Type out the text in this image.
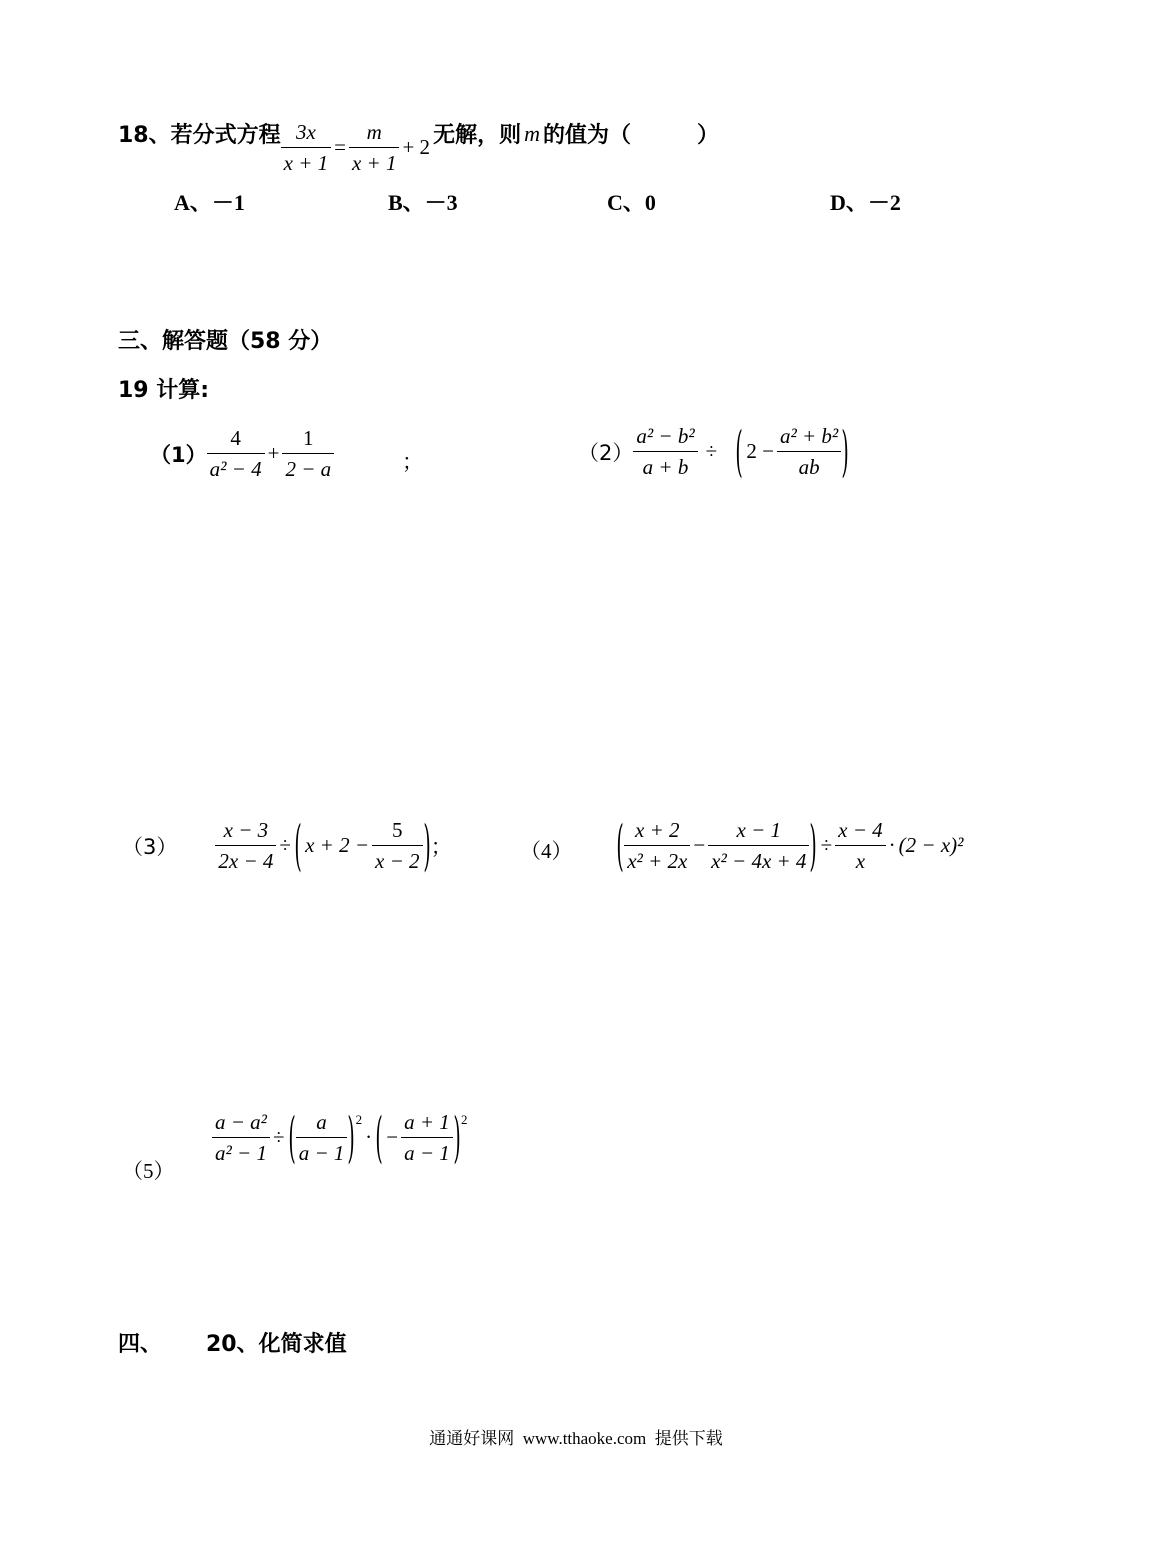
18、若分式方程 $\frac{3x}{x + 1} = \frac{m}{x + 1} + 2$ 无解，则 m 的值为（　　　）
A、－1	B、－3	C、0	D、－2
三、解答题（58 分）
19 计算:
$(1) \frac{4}{\text{a² − 4}} + \frac{1}{2 - a}$	；	$(2) \frac{\text{a² − b²}}{a + b}$ ÷ ( $2 - \frac{\text{a² + b²}}{ab}$ )
$(3) \frac{x - 3}{2x - 4}$ ÷ ( $x + 2 - \frac{5}{x - 2}$ ) ；	（4） ( $\frac{x + 2}{\text{x² + 2x}} - \frac{x - 1}{\text{x² − 4x + 4}}$ ) ÷ $\frac{x - 4}{x} \cdot (2 - x)^2$
（5）
$\frac{\text{a − a²}}{\text{a² − 1}}$ ÷ ( $\frac{a}{a - 1}$ ) 2
· ( − $\frac{a + 1}{a - 1}$ ) 2
四、 20、化简求值
通通好课网  www.tthaoke.com  提供下载
